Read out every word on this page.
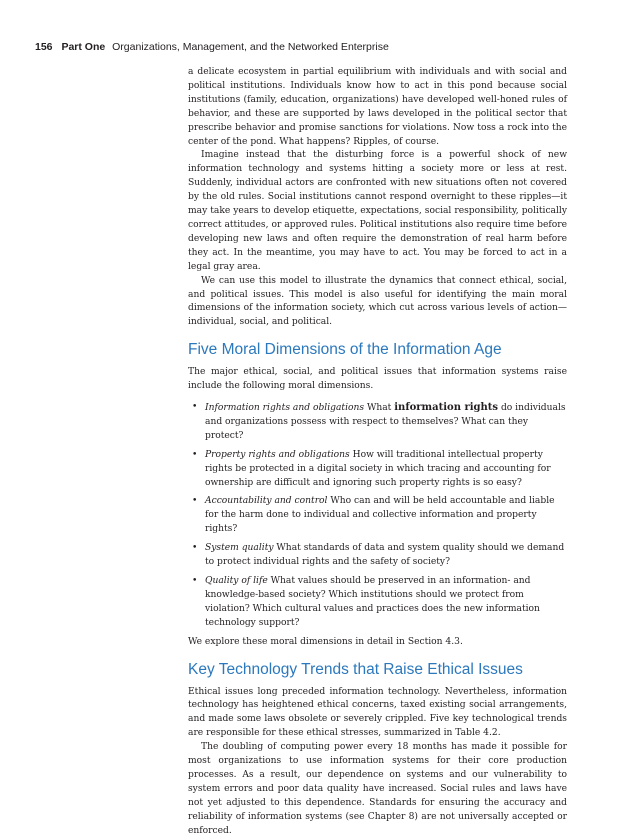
156 Part One Organizations, Management, and the Networked Enterprise

a delicate ecosystem in partial equilibrium with individuals and with social and political institutions. Individuals know how to act in this pond because social institutions (family, education, organizations) have developed well-honed rules of behavior, and these are supported by laws developed in the political sector that prescribe behavior and promise sanctions for violations. Now toss a rock into the center of the pond. What happens? Ripples, of course.

Imagine instead that the disturbing force is a powerful shock of new information technology and systems hitting a society more or less at rest. Suddenly, individual actors are confronted with new situations often not covered by the old rules. Social institutions cannot respond overnight to these ripples—it may take years to develop etiquette, expectations, social responsibility, politically correct attitudes, or approved rules. Political institutions also require time before developing new laws and often require the demonstration of real harm before they act. In the meantime, you may have to act. You may be forced to act in a legal gray area.

We can use this model to illustrate the dynamics that connect ethical, social, and political issues. This model is also useful for identifying the main moral dimensions of the information society, which cut across various levels of action—individual, social, and political.

Five Moral Dimensions of the Information Age

The major ethical, social, and political issues that information systems raise include the following moral dimensions.

• Information rights and obligations What information rights do individuals and organizations possess with respect to themselves? What can they protect?
• Property rights and obligations How will traditional intellectual property rights be protected in a digital society in which tracing and accounting for ownership are difficult and ignoring such property rights is so easy?
• Accountability and control Who can and will be held accountable and liable for the harm done to individual and collective information and property rights?
• System quality What standards of data and system quality should we demand to protect individual rights and the safety of society?
• Quality of life What values should be preserved in an information- and knowledge-based society? Which institutions should we protect from violation? Which cultural values and practices does the new information technology support?

We explore these moral dimensions in detail in Section 4.3.

Key Technology Trends that Raise Ethical Issues

Ethical issues long preceded information technology. Nevertheless, information technology has heightened ethical concerns, taxed existing social arrangements, and made some laws obsolete or severely crippled. Five key technological trends are responsible for these ethical stresses, summarized in Table 4.2.

The doubling of computing power every 18 months has made it possible for most organizations to use information systems for their core production processes. As a result, our dependence on systems and our vulnerability to system errors and poor data quality have increased. Social rules and laws have not yet adjusted to this dependence. Standards for ensuring the accuracy and reliability of information systems (see Chapter 8) are not universally accepted or enforced.
